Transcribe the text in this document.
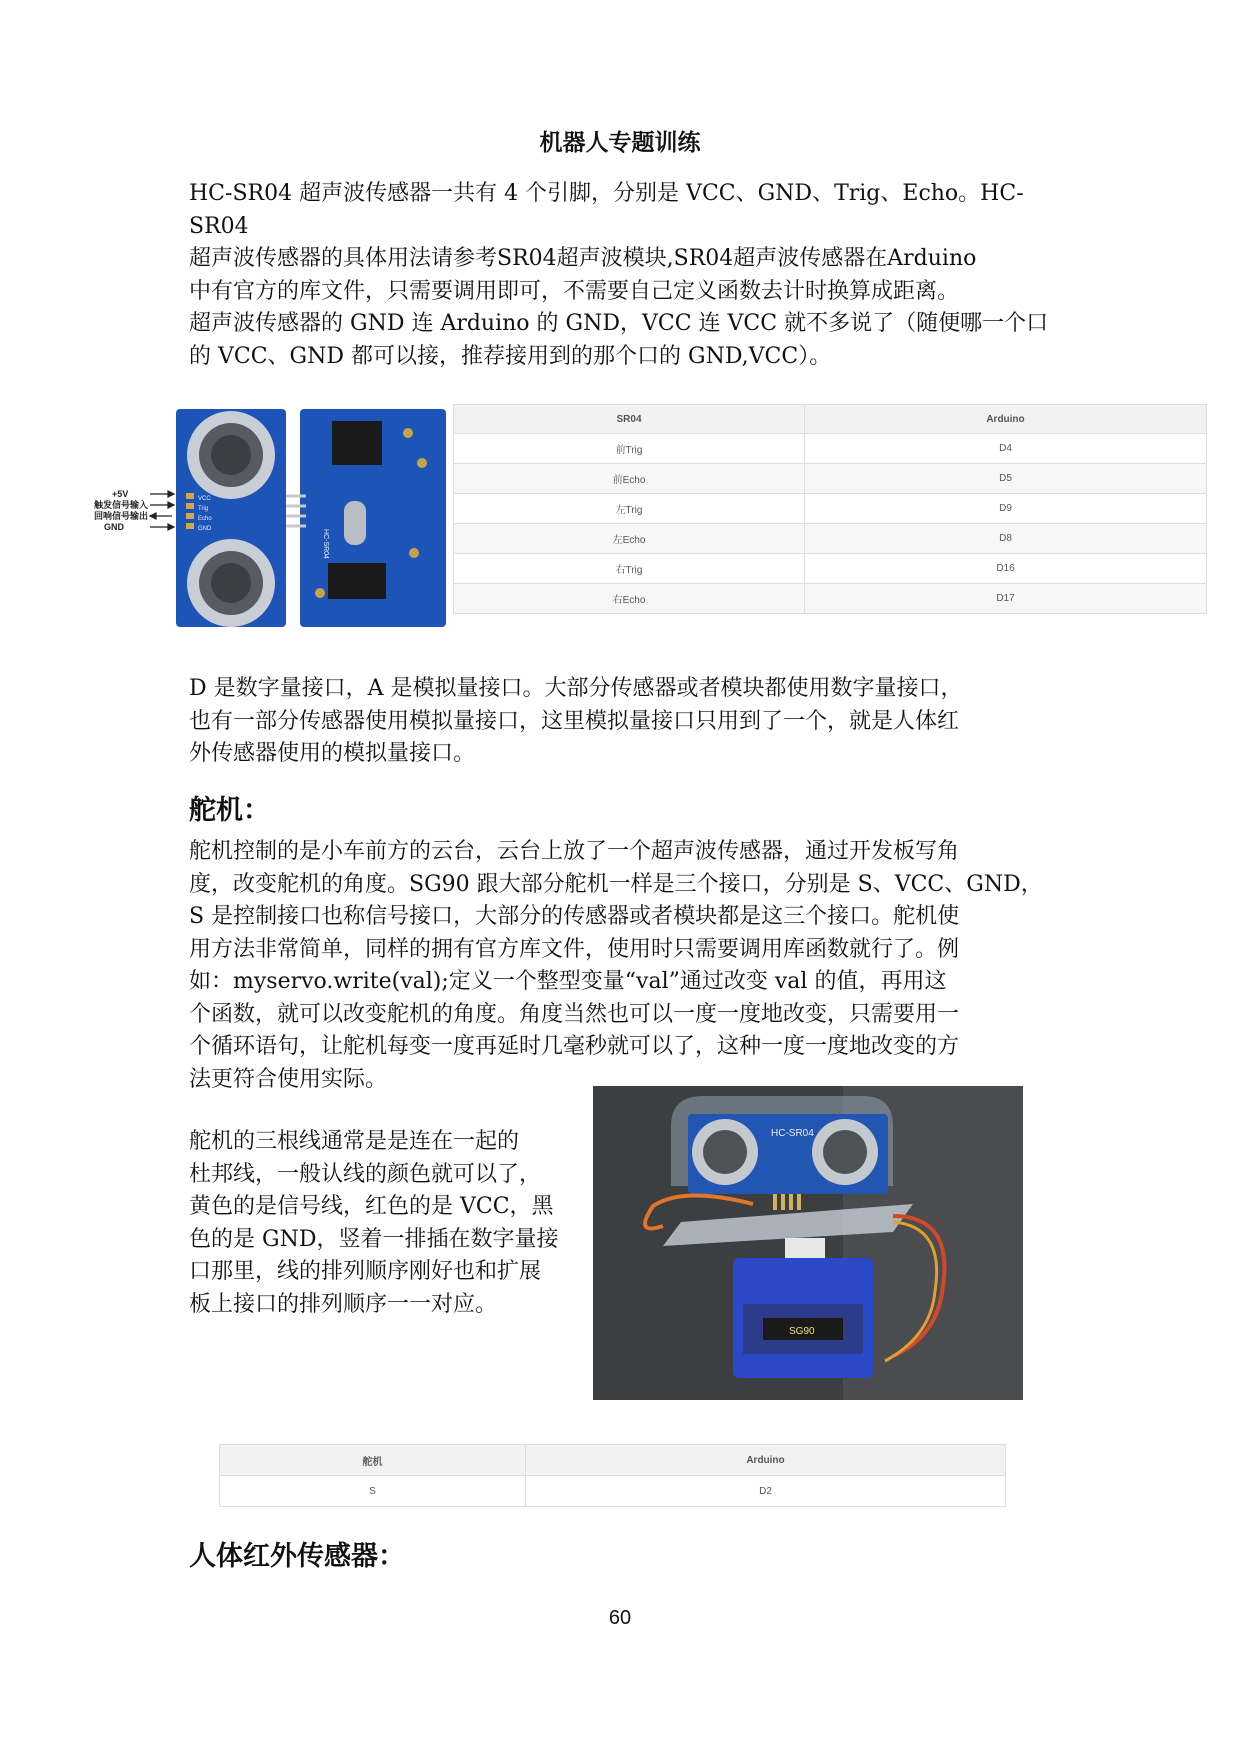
机器人专题训练

HC-SR04 超声波传感器一共有 4 个引脚，分别是 VCC、GND、Trig、Echo。HC-SR04

超声波传感器的具体用法请参考SR04超声波模块,SR04超声波传感器在Arduino

中有官方的库文件，只需要调用即可，不需要自己定义函数去计时换算成距离。

超声波传感器的 GND 连 Arduino 的 GND，VCC 连 VCC 就不多说了（随便哪一个口

的 VCC、GND 都可以接，推荐接用到的那个口的 GND,VCC）。

+5V
触发信号输入
回响信号输出
GND
VCC
Trig
Echo
GND	HC-SR04
SR04	Arduino
前Trig	D4
前Echo	D5
左Trig	D9
左Echo	D8
右Trig	D16
右Echo	D17

D 是数字量接口，A 是模拟量接口。大部分传感器或者模块都使用数字量接口，

也有一部分传感器使用模拟量接口，这里模拟量接口只用到了一个，就是人体红

外传感器使用的模拟量接口。

舵机：

舵机控制的是小车前方的云台，云台上放了一个超声波传感器，通过开发板写角

度，改变舵机的角度。SG90 跟大部分舵机一样是三个接口，分别是 S、VCC、GND，

S 是控制接口也称信号接口，大部分的传感器或者模块都是这三个接口。舵机使

用方法非常简单，同样的拥有官方库文件，使用时只需要调用库函数就行了。例

如：myservo.write(val);定义一个整型变量“val”通过改变 val 的值，再用这

个函数，就可以改变舵机的角度。角度当然也可以一度一度地改变，只需要用一

个循环语句，让舵机每变一度再延时几毫秒就可以了，这种一度一度地改变的方

法更符合使用实际。

舵机的三根线通常是是连在一起的

杜邦线，一般认线的颜色就可以了，

黄色的是信号线，红色的是 VCC，黑

色的是 GND，竖着一排插在数字量接

口那里，线的排列顺序刚好也和扩展

板上接口的排列顺序一一对应。

HC-SR04
SG90
舵机	Arduino
S	D2
人体红外传感器：
60
